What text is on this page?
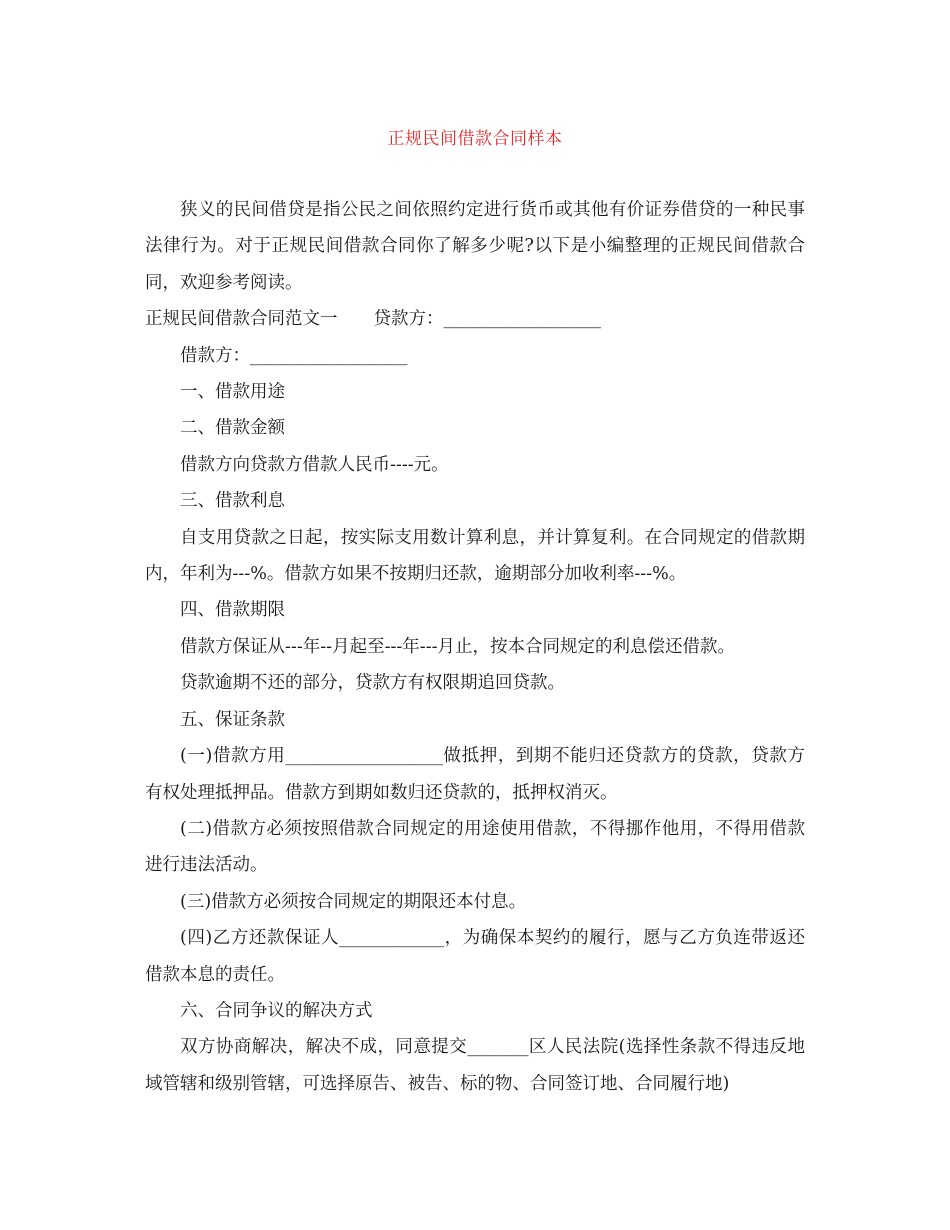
正规民间借款合同样本

狭义的民间借贷是指公民之间依照约定进行货币或其他有价证券借贷的一种民事法律行为。对于正规民间借款合同你了解多少呢?以下是小编整理的正规民间借款合同，欢迎参考阅读。

正规民间借款合同范文一 贷款方：__________________

借款方：__________________

一、借款用途

二、借款金额

借款方向贷款方借款人民币----元。

三、借款利息

自支用贷款之日起，按实际支用数计算利息，并计算复利。在合同规定的借款期内，年利为---%。借款方如果不按期归还款，逾期部分加收利率---%。

四、借款期限

借款方保证从---年--月起至---年---月止，按本合同规定的利息偿还借款。

贷款逾期不还的部分，贷款方有权限期追回贷款。

五、保证条款

(一)借款方用__________________做抵押，到期不能归还贷款方的贷款，贷款方有权处理抵押品。借款方到期如数归还贷款的，抵押权消灭。

(二)借款方必须按照借款合同规定的用途使用借款，不得挪作他用，不得用借款进行违法活动。

(三)借款方必须按合同规定的期限还本付息。

(四)乙方还款保证人____________，为确保本契约的履行，愿与乙方负连带返还借款本息的责任。

六、合同争议的解决方式

双方协商解决，解决不成，同意提交_______区人民法院(选择性条款不得违反地域管辖和级别管辖，可选择原告、被告、标的物、合同签订地、合同履行地)
